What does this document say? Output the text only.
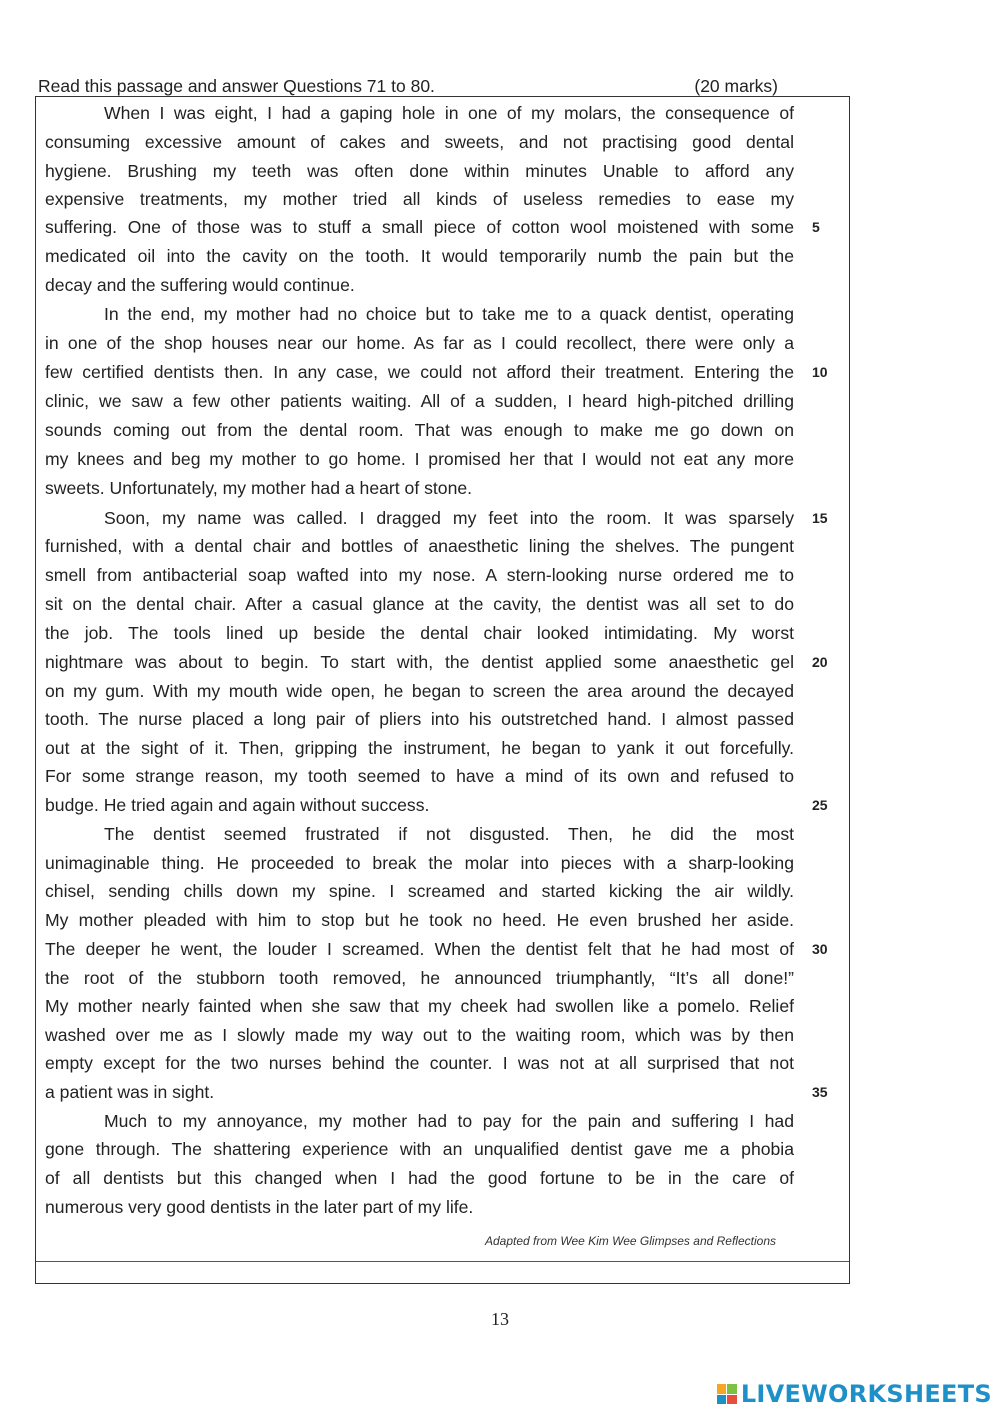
Read this passage and answer Questions 71 to 80.	(20 marks)
When I was eight, I had a gaping hole in one of my molars, the consequence of
consuming excessive amount of cakes and sweets, and not practising good dental
hygiene. Brushing my teeth was often done within minutes Unable to afford any
expensive treatments, my mother tried all kinds of useless remedies to ease my
suffering. One of those was to stuff a small piece of cotton wool moistened with some
medicated oil into the cavity on the tooth. It would temporarily numb the pain but the
decay and the suffering would continue.
In the end, my mother had no choice but to take me to a quack dentist, operating
in one of the shop houses near our home. As far as I could recollect, there were only a
few certified dentists then. In any case, we could not afford their treatment. Entering the
clinic, we saw a few other patients waiting. All of a sudden, I heard high-pitched drilling
sounds coming out from the dental room. That was enough to make me go down on
my knees and beg my mother to go home. I promised her that I would not eat any more
sweets. Unfortunately, my mother had a heart of stone.
Soon, my name was called. I dragged my feet into the room. It was sparsely
furnished, with a dental chair and bottles of anaesthetic lining the shelves. The pungent
smell from antibacterial soap wafted into my nose. A stern-looking nurse ordered me to
sit on the dental chair. After a casual glance at the cavity, the dentist was all set to do
the job. The tools lined up beside the dental chair looked intimidating. My worst
nightmare was about to begin. To start with, the dentist applied some anaesthetic gel
on my gum. With my mouth wide open, he began to screen the area around the decayed
tooth. The nurse placed a long pair of pliers into his outstretched hand. I almost passed
out at the sight of it. Then, gripping the instrument, he began to yank it out forcefully.
For some strange reason, my tooth seemed to have a mind of its own and refused to
budge. He tried again and again without success.
The dentist seemed frustrated if not disgusted. Then, he did the most
unimaginable thing. He proceeded to break the molar into pieces with a sharp-looking
chisel, sending chills down my spine. I screamed and started kicking the air wildly.
My mother pleaded with him to stop but he took no heed. He even brushed her aside.
The deeper he went, the louder I screamed. When the dentist felt that he had most of
the root of the stubborn tooth removed, he announced triumphantly, “It’s all done!”
My mother nearly fainted when she saw that my cheek had swollen like a pomelo. Relief
washed over me as I slowly made my way out to the waiting room, which was by then
empty except for the two nurses behind the counter. I was not at all surprised that not
a patient was in sight.
Much to my annoyance, my mother had to pay for the pain and suffering I had
gone through. The shattering experience with an unqualified dentist gave me a phobia
of all dentists but this changed when I had the good fortune to be in the care of
numerous very good dentists in the later part of my life.
5
10
15
20
25
30
35
Adapted from Wee Kim Wee Glimpses and Reflections
13
LIVEWORKSHEETS
